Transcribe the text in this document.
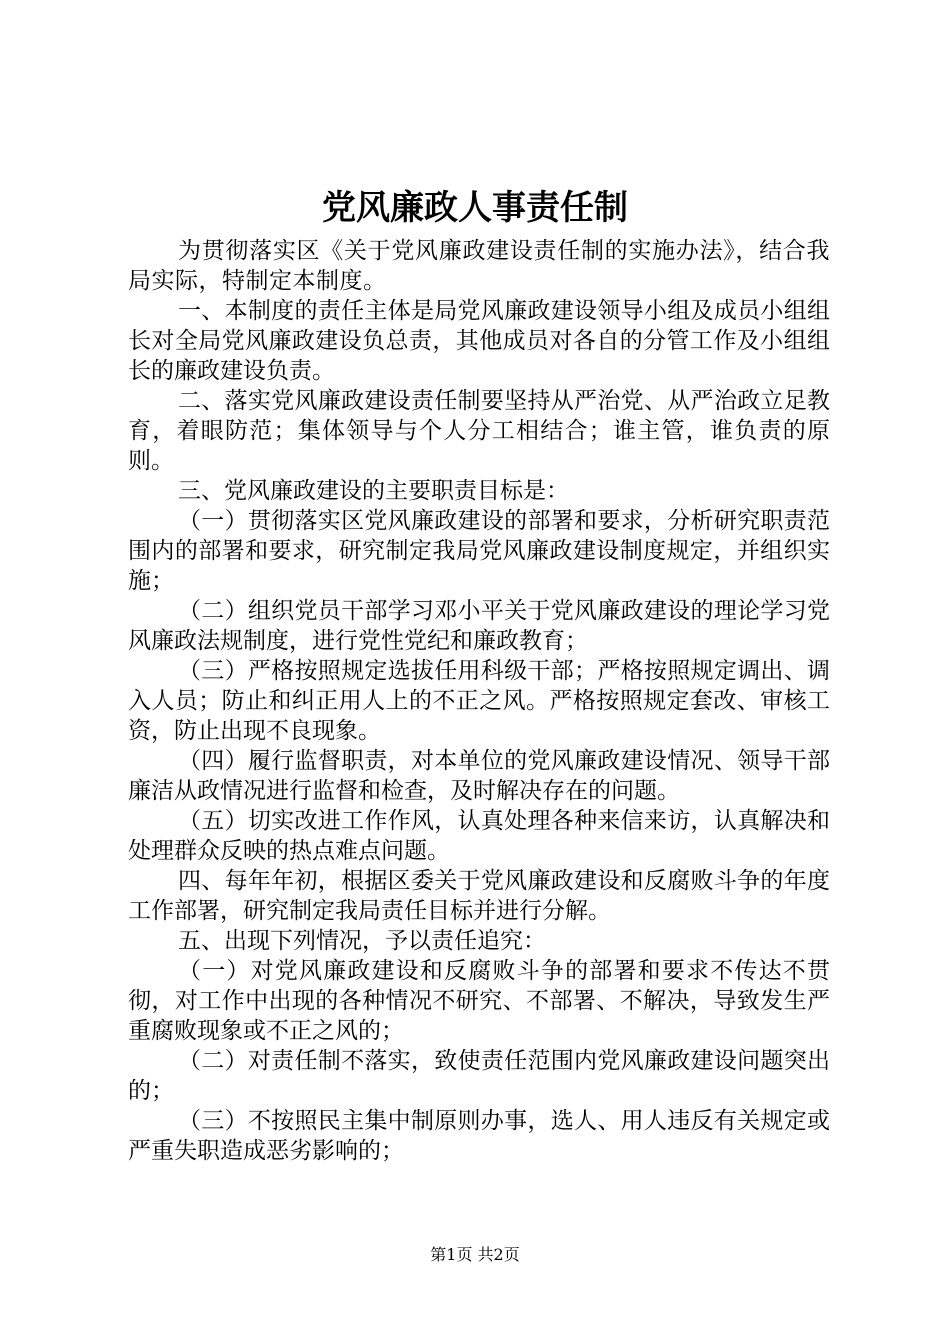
党风廉政人事责任制

为贯彻落实区《关于党风廉政建设责任制的实施办法》，结合我局实际，特制定本制度。

一、本制度的责任主体是局党风廉政建设领导小组及成员小组组长对全局党风廉政建设负总责，其他成员对各自的分管工作及小组组长的廉政建设负责。

二、落实党风廉政建设责任制要坚持从严治党、从严治政立足教育，着眼防范；集体领导与个人分工相结合；谁主管，谁负责的原则。

三、党风廉政建设的主要职责目标是：

（一）贯彻落实区党风廉政建设的部署和要求，分析研究职责范围内的部署和要求，研究制定我局党风廉政建设制度规定，并组织实施；

（二）组织党员干部学习邓小平关于党风廉政建设的理论学习党风廉政法规制度，进行党性党纪和廉政教育；

（三）严格按照规定选拔任用科级干部；严格按照规定调出、调入人员；防止和纠正用人上的不正之风。严格按照规定套改、审核工资，防止出现不良现象。

（四）履行监督职责，对本单位的党风廉政建设情况、领导干部廉洁从政情况进行监督和检查，及时解决存在的问题。

（五）切实改进工作作风，认真处理各种来信来访，认真解决和处理群众反映的热点难点问题。

四、每年年初，根据区委关于党风廉政建设和反腐败斗争的年度工作部署，研究制定我局责任目标并进行分解。

五、出现下列情况，予以责任追究：

（一）对党风廉政建设和反腐败斗争的部署和要求不传达不贯彻，对工作中出现的各种情况不研究、不部署、不解决，导致发生严重腐败现象或不正之风的；

（二）对责任制不落实，致使责任范围内党风廉政建设问题突出的；

（三）不按照民主集中制原则办事，选人、用人违反有关规定或严重失职造成恶劣影响的；

第1页 共2页
